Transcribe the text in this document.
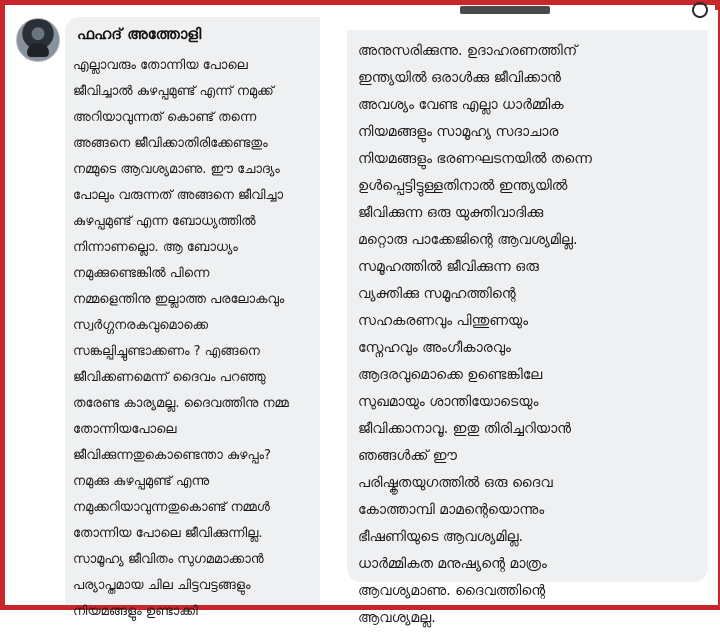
ഫഹദ് അത്തോളി
എല്ലാവരും തോന്നിയ പോലെ
ജീവിച്ചാൽ കുഴപ്പമുണ്ട് എന്ന് നമുക്ക്
അറിയാവുന്നത് കൊണ്ട് തന്നെ
അങ്ങനെ ജീവിക്കാതിരിക്കേണ്ടതും
നമ്മുടെ ആവശ്യമാണു. ഈ ചോദ്യം
പോലും വരുന്നത് അങ്ങനെ ജീവിച്ചാ
കുഴപ്പമുണ്ട് എന്ന ബോധ്യത്തിൽ
നിന്നാണല്ലൊ. ആ ബോധ്യം
നമുക്കുണ്ടെങ്കിൽ പിന്നെ
നമ്മളെന്തിനു ഇല്ലാത്ത പരലോകവും
സ്വർഗ്ഗനരകവുമൊക്കെ
സങ്കല്പിച്ചുണ്ടാക്കണം ? എങ്ങനെ
ജീവിക്കണമെന്ന് ദൈവം പറഞ്ഞു
തരേണ്ട കാര്യമല്ല. ദൈവത്തിനു നമ്മ
തോന്നിയപോലെ
ജീവിക്കുന്നതുകൊണ്ടെന്താ കുഴപ്പം?
നമുക്കു കുഴപ്പമുണ്ട് എന്നു
നമുക്കറിയാവുന്നതുകൊണ്ട് നമ്മൾ
തോന്നിയ പോലെ ജീവിക്കുന്നില്ല.
സാമൂഹ്യ ജീവിതം സുഗമമാക്കാൻ
പര്യാപ്തമായ ചില ചിട്ടവട്ടങ്ങളും
നിയമങ്ങളും ഉണ്ടാക്കി
അനുസരിക്കുന്നു. ഉദാഹരണത്തിന്
ഇന്ത്യയിൽ ഒരാൾക്കു ജീവിക്കാൻ
അവശ്യം വേണ്ട എല്ലാ ധാർമ്മിക
നിയമങ്ങളും സാമൂഹ്യ സദാചാര
നിയമങ്ങളും ഭരണഘടനയിൽ തന്നെ
ഉൾപ്പെട്ടിട്ടുള്ളതിനാൽ ഇന്ത്യയിൽ
ജീവിക്കുന്ന ഒരു യുക്തിവാദിക്കു
മറ്റൊരു പാക്കേജിന്റെ ആവശ്യമില്ല.
സമൂഹത്തിൽ ജീവിക്കുന്ന ഒരു
വ്യക്തിക്കു സമൂഹത്തിന്റെ
സഹകരണവും പിന്തുണയും
സ്നേഹവും അംഗീകാരവും
ആദരവുമൊക്കെ ഉണ്ടെങ്കിലേ
സുഖമായും ശാന്തിയോടെയും
ജീവിക്കാനാവൂ. ഇതു തിരിച്ചറിയാൻ
ഞങ്ങൾക്ക് ഈ
പരിഷ്കൃതയുഗത്തിൽ ഒരു ദൈവ
കോത്താമ്പി മാമന്റെയൊന്നും
ഭീഷണിയുടെ ആവശ്യമില്ല.
ധാർമ്മികത മനുഷ്യന്റെ മാത്രം
ആവശ്യമാണു. ദൈവത്തിന്റെ
ആവശ്യമല്ല.
